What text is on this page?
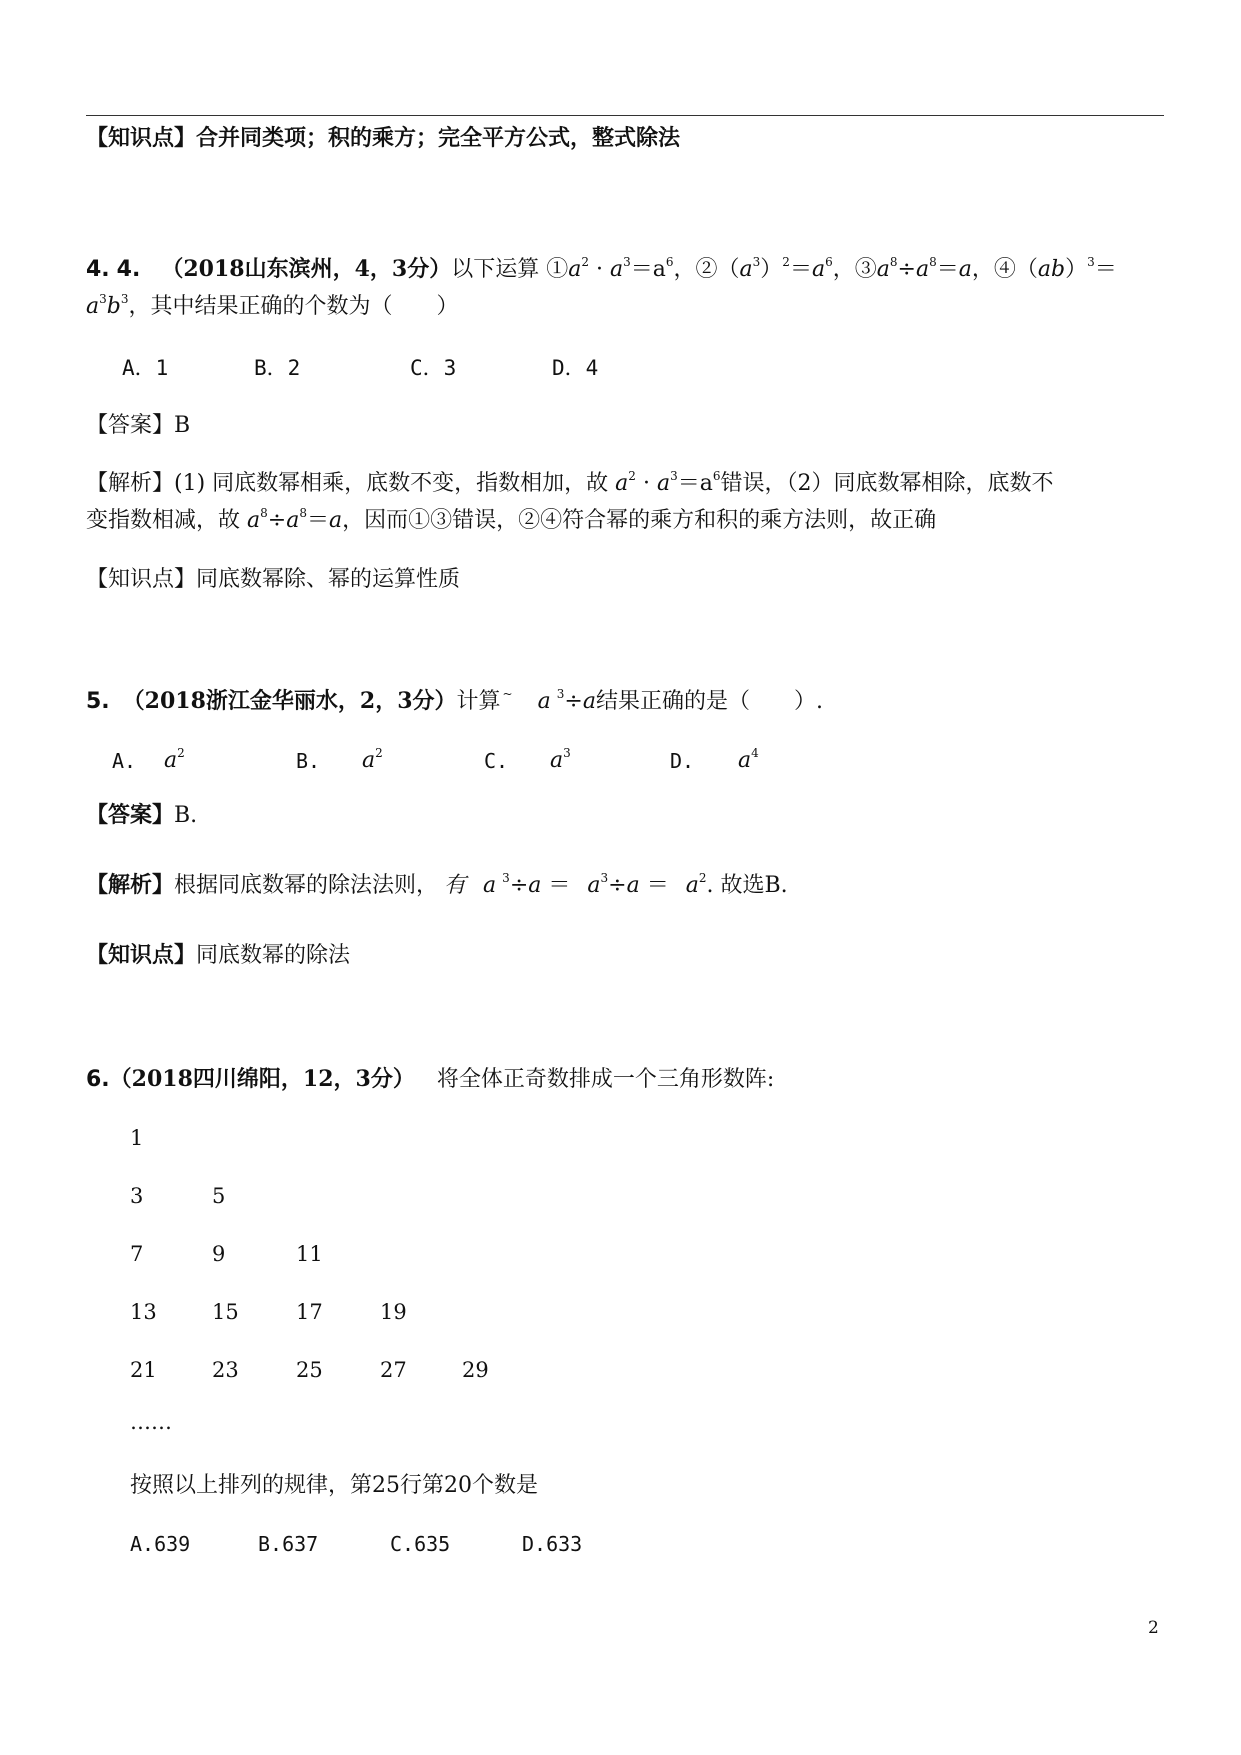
【知识点】合并同类项；积的乘方；完全平方公式，整式除法
4. 4. （2018山东滨州，4，3分）以下运算 $①a^2 \cdot a^3=a^6$，$②(a^3)^2=a^6$，$③a^8\div a^8=a$，④（ab）$^3$＝
$a^3b^3$，其中结果正确的个数为（　　）
A．1	B．2	C．3	D．4
【答案】B
【解析】(1) 同底数幂相乘，底数不变，指数相加，故 $a^2 \cdot a^3=a^6$错误，（2）同底数幂相除，底数不
变指数相减，故 $a^8\div a^8=a$，因而①③错误，②④符合幂的乘方和积的乘方法则，故正确
【知识点】同底数幂除、幂的运算性质
5. （2018浙江金华丽水，2，3分）计算 ~ a $^3$÷a结果正确的是（　　）.
A. $a^2$	B. $a^2$	C. $a^3$	D. $a^4$
【答案】B.
【解析】根据同底数幂的除法法则， 有 a $^3\div a = a^3\div a = a^2$. 故选B.
【知识点】同底数幂的除法
6.（2018四川绵阳，12，3分） 将全体正奇数排成一个三角形数阵:
1
3	5
7	9	11
13	15	17	19
21	23	25	27	29
……
按照以上排列的规律，第25行第20个数是
A.639	B.637	C.635	D.633
2
